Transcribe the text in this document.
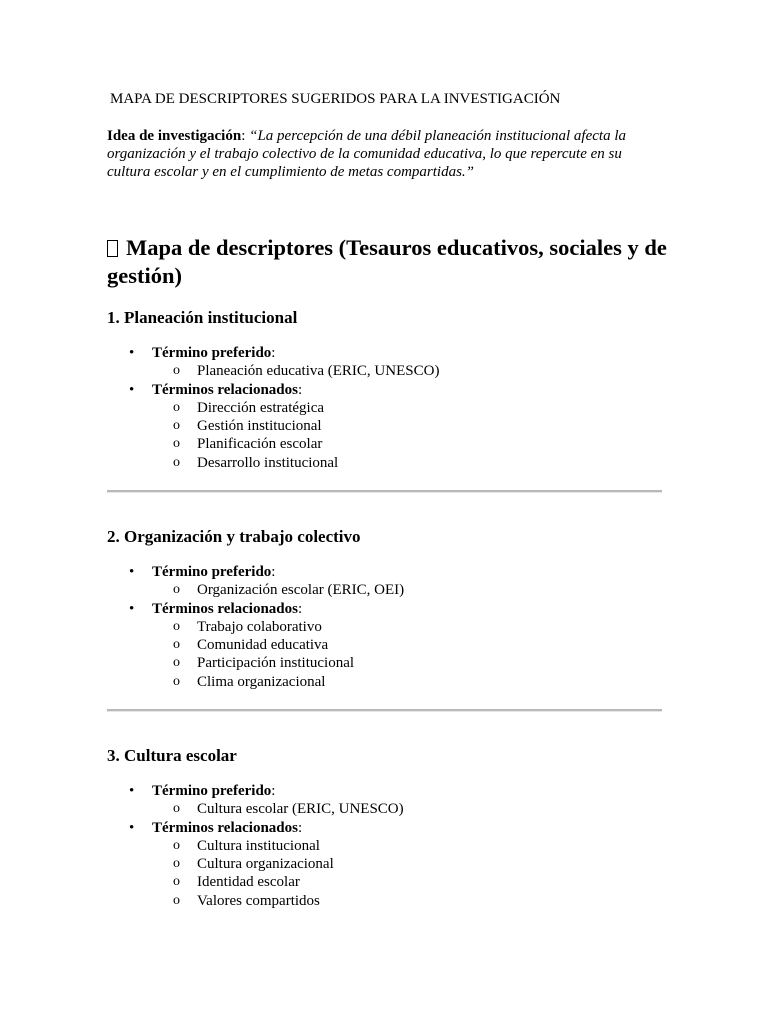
MAPA DE DESCRIPTORES SUGERIDOS PARA LA INVESTIGACIÓN

Idea de investigación: “La percepción de una débil planeación institucional afecta la organización y el trabajo colectivo de la comunidad educativa, lo que repercute en su cultura escolar y en el cumplimiento de metas compartidas.”

Mapa de descriptores (Tesauros educativos, sociales y de gestión)
1. Planeación institucional
• Término preferido:
o Planeación educativa (ERIC, UNESCO)
• Términos relacionados:
o Dirección estratégica
o Gestión institucional
o Planificación escolar
o Desarrollo institucional
2. Organización y trabajo colectivo
• Término preferido:
o Organización escolar (ERIC, OEI)
• Términos relacionados:
o Trabajo colaborativo
o Comunidad educativa
o Participación institucional
o Clima organizacional
3. Cultura escolar
• Término preferido:
o Cultura escolar (ERIC, UNESCO)
• Términos relacionados:
o Cultura institucional
o Cultura organizacional
o Identidad escolar
o Valores compartidos
